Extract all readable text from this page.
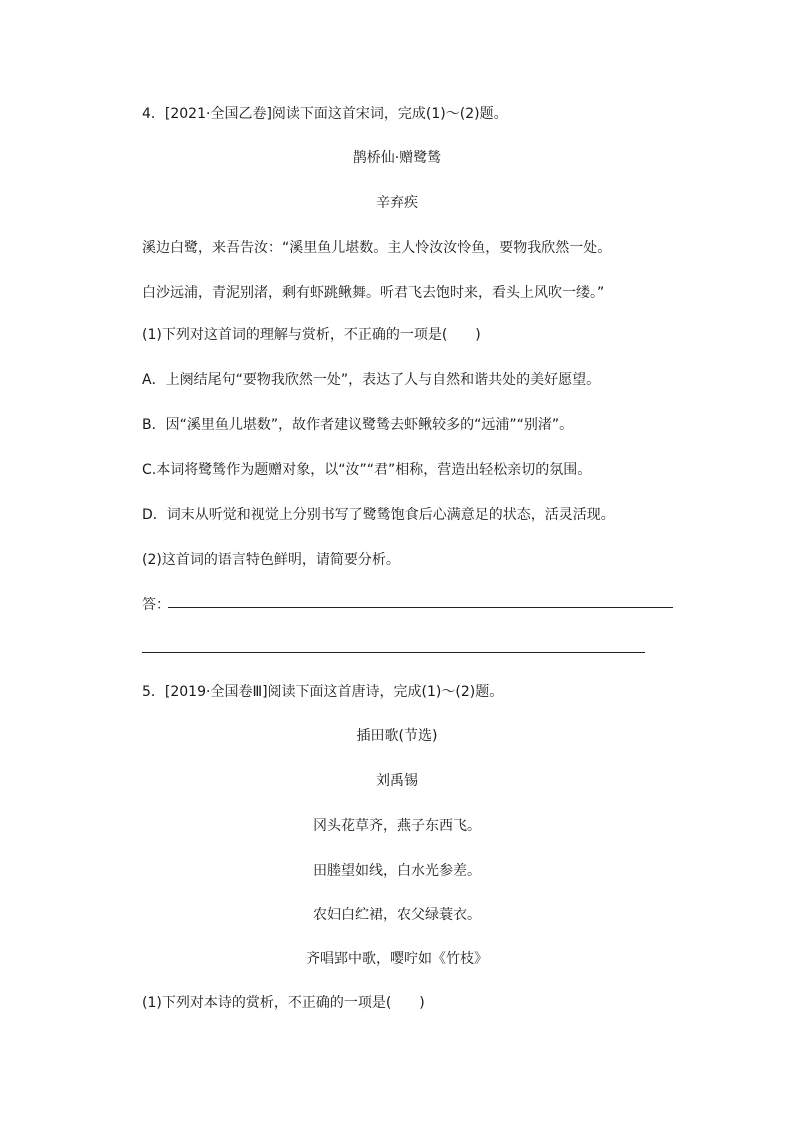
4．[2021·全国乙卷]阅读下面这首宋词，完成(1)～(2)题。
鹊桥仙·赠鹭鸶
辛弃疾
溪边白鹭，来吾告汝：“溪里鱼儿堪数。主人怜汝汝怜鱼，要物我欣然一处。
白沙远浦，青泥别渚，剩有虾跳鳅舞。听君飞去饱时来，看头上风吹一缕。”
(1)下列对这首词的理解与赏析，不正确的一项是(　　)
A．上阕结尾句“要物我欣然一处”，表达了人与自然和谐共处的美好愿望。
B．因“溪里鱼儿堪数”，故作者建议鹭鸶去虾鳅较多的“远浦”“别渚”。
C.本词将鹭鸶作为题赠对象，以“汝”“君”相称，营造出轻松亲切的氛围。
D．词末从听觉和视觉上分别书写了鹭鸶饱食后心满意足的状态，活灵活现。
(2)这首词的语言特色鲜明，请简要分析。
答：
5．[2019·全国卷Ⅲ]阅读下面这首唐诗，完成(1)～(2)题。
插田歌(节选)
刘禹锡
冈头花草齐，燕子东西飞。
田塍望如线，白水光参差。
农妇白纻裙，农父绿蓑衣。
齐唱郢中歌，嘤咛如《竹枝》
(1)下列对本诗的赏析，不正确的一项是(　　)
